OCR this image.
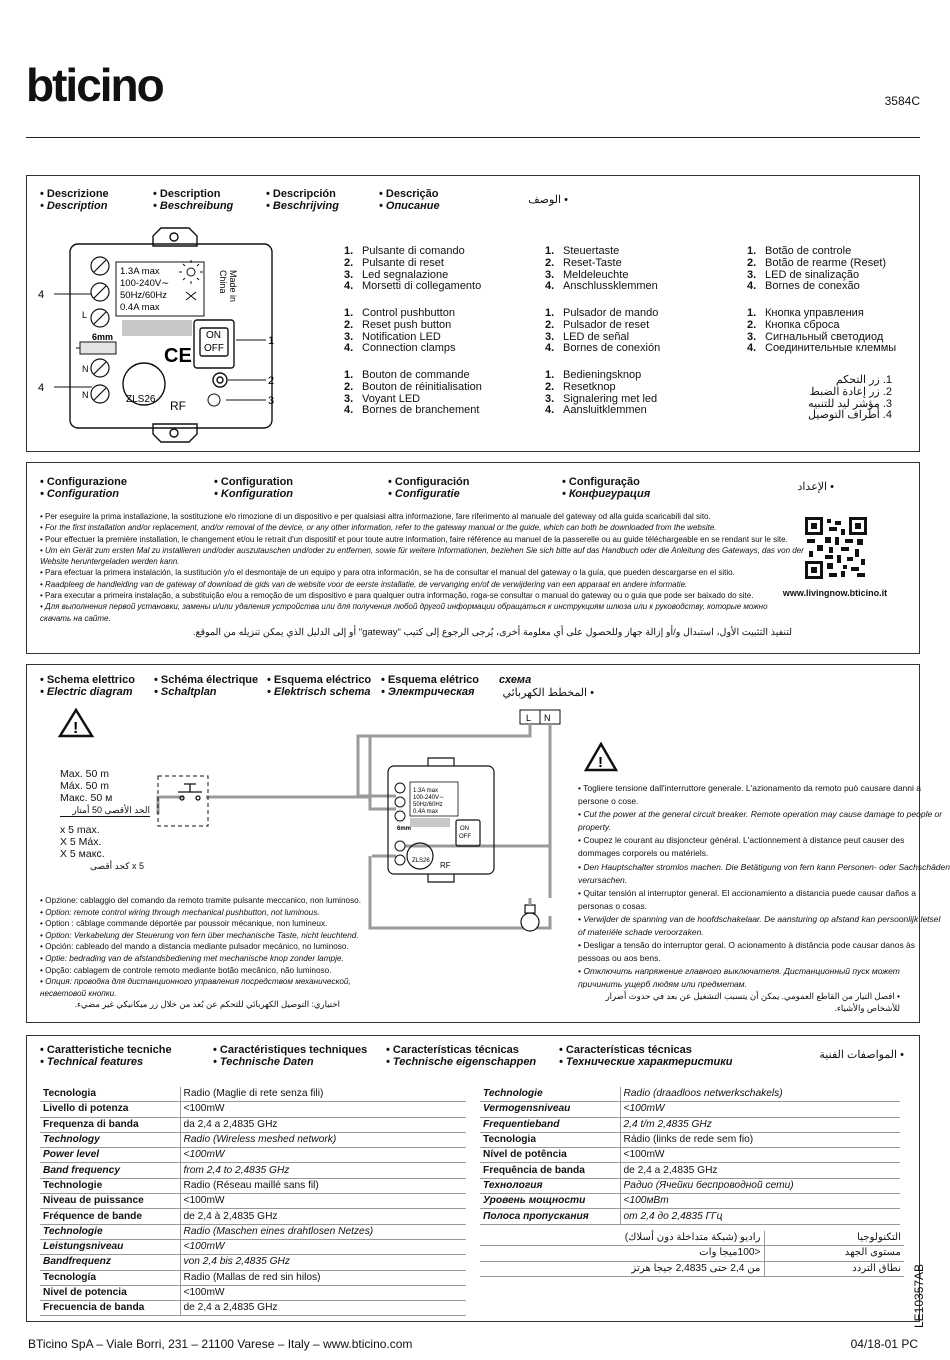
bticino	3584C
• Descrizione
• Description
• Description
• Beschreibung
• Descripción
• Beschrijving
• Descrição
• Описание	• الوصف
1.3A max
100-240V∼
50Hz/60Hz
0.4A max
Made in
China
ON
OFF
6mm
ZLS26 RF
CE
L
N
N
4
4
1
2
3
1. Pulsante di comando
2. Pulsante di reset
3. Led segnalazione
4. Morsetti di collegamento
1. Control pushbutton
2. Reset push button
3. Notification LED
4. Connection clamps
1. Bouton de commande
2. Bouton de réinitialisation
3. Voyant LED
4. Bornes de branchement
1. Steuertaste
2. Reset-Taste
3. Meldeleuchte
4. Anschlussklemmen
1. Pulsador de mando
2. Pulsador de reset
3. LED de señal
4. Bornes de conexión
1. Bedieningsknop
2. Resetknop
3. Signalering met led
4. Aansluitklemmen
1. Botão de controle
2. Botão de rearme (Reset)
3. LED de sinalização
4. Bornes de conexão
1. Кнопка управления
2. Кнопка сброса
3. Сигнальный светодиод
4. Соединительные клеммы
1. زر التحكم
2. زر إعادة الضبط
3. مؤشر ليد للتنبيه
4. أطراف التوصيل
• Configurazione
• Configuration
• Configuration
• Konfiguration
• Configuración
• Configuratie
• Configuração
• Конфигурация
• الإعداد
• Per eseguire la prima installazione, la sostituzione e/o rimozione di un dispositivo e per qualsiasi altra informazione, fare riferimento al manuale del gateway od alla guida scaricabili dal sito.
• For the first installation and/or replacement, and/or removal of the device, or any other information, refer to the gateway manual or the guide, which can both be downloaded from the website.
• Pour effectuer la première installation, le changement et/ou le retrait d'un dispositif et pour toute autre information, faire référence au manuel de la passerelle ou au guide téléchargeable en se rendant sur le site.
• Um ein Gerät zum ersten Mal zu installieren und/oder auszutauschen und/oder zu entfernen, sowie für weitere Informationen, beziehen Sie sich bitte auf das Handbuch oder die Anleitung des Gateways, das von der
Website heruntergeladen werden kann.
• Para efectuar la primera instalación, la sustitución y/o el desmontaje de un equipo y para otra información, se ha de consultar el manual del gateway o la guía, que pueden descargarse en el sitio.
• Raadpleeg de handleiding van de gateway of download de gids van de website voor de eerste installatie, de vervanging en/of de verwijdering van een apparaat en andere informatie.
• Para executar a primeira instalação, a substituição e/ou a remoção de um dispositivo e para qualquer outra informação, roga-se consultar o manual do gateway ou o guia que pode ser baixado do site.
• Для выполнения первой установки, замены и/или удаления устройства или для получения любой другой информации обращаться к инструкциям шлюза или к руководству, которые можно
скачать на сайте.
لتنفيذ التثبيت الأول، استبدال و/أو إزالة جهاز وللحصول على أي معلومة أخرى، يُرجى الرجوع إلى كتيب "gateway" أو إلى الدليل الذي يمكن تنزيله من الموقع.
www.livingnow.bticino.it
• Schema elettrico
• Electric diagram
• Schéma électrique
• Schaltplan
• Esquema eléctrico
• Elektrisch schema
• Esquema elétrico
• Электрическая
схема
• المخطط الكهربائي
L N
1.3A max
100-240V∼
50Hz/60Hz
0.4A max
ON
OFF
ZLS26 RF
6mm
!
Max. 50 m
Máx. 50 m
Макс. 50 м
الحد الأقصى 50 أمتار
x 5 max.
X 5 Máx.
X 5 макс.
x 5 كحد أقصى
• Opzione: cablaggio del comando da remoto tramite pulsante meccanico, non luminoso.
• Option: remote control wiring through mechanical pushbutton, not luminous.
• Option : câblage commande déportée par poussoir mécanique, non lumineux.
• Option: Verkabelung der Steuerung von fern über mechanische Taste, nicht leuchtend.
• Opción: cableado del mando a distancia mediante pulsador mecánico, no luminoso.
• Optie: bedrading van de afstandsbediening met mechanische knop zonder lampje.
• Opção: cablagem de controle remoto mediante botão mecânico, não luminoso.
• Опция: проводка для дистанционного управления посредством механической,
несветовой кнопки.
اختياري: التوصيل الكهربائي للتحكم عن بُعد من خلال زر ميكانيكي غير مضيء.
!
• Togliere tensione dall'interruttore generale. L'azionamento da remoto può causare danni a
persone o cose.
• Cut the power at the general circuit breaker. Remote operation may cause damage to people or
property.
• Coupez le courant au disjoncteur général. L'actionnement à distance peut causer des
dommages corporels ou matériels.
• Den Hauptschalter stromlos machen. Die Betätigung von fern kann Personen- oder Sachschäden
verursachen.
• Quitar tensión al interruptor general. El accionamiento a distancia puede causar daños a
personas o cosas.
• Verwijder de spanning van de hoofdschakelaar. De aansturing op afstand kan persoonlijk letsel
of materiële schade veroorzaken.
• Desligar a tensão do interruptor geral. O acionamento à distância pode causar danos às
pessoas ou aos bens.
• Отключить напряжение главного выключателя. Дистанционный пуск может
причинить ущерб людям или предметам.
• افصل التيار من القاطع العمومي. يمكن أن يتسبب التشغيل عن بعد في حدوث أضرار للأشخاص والأشياء.
• Caratteristiche tecniche
• Technical features
• Caractéristiques techniques
• Technische Daten
• Características técnicas
• Technische eigenschappen
• Características técnicas
• Технические характеристики
• المواصفات الفنية
Tecnologia	Radio (Maglie di rete senza fili)
Livello di potenza	<100mW
Frequenza di banda	da 2,4 a 2,4835 GHz
Technology	Radio (Wireless meshed network)
Power level	<100mW
Band frequency	from 2,4 to 2,4835 GHz
Technologie	Radio (Réseau maillé sans fil)
Niveau de puissance	<100mW
Fréquence de bande	de 2,4 à 2,4835 GHz
Technologie	Radio (Maschen eines drahtlosen Netzes)
Leistungsniveau	<100mW
Bandfrequenz	von 2,4 bis 2,4835 GHz
Tecnología	Radio (Mallas de red sin hilos)
Nivel de potencia	<100mW
Frecuencia de banda	de 2,4 a 2,4835 GHz
Technologie	Radio (draadloos netwerkschakels)
Vermogensniveau	<100mW
Frequentieband	2,4 t/m 2,4835 GHz
Tecnologia	Rádio (links de rede sem fio)
Nível de potência	<100mW
Frequência de banda	de 2,4 a 2,4835 GHz
Технология	Радио (Ячейки беспроводной сети)
Уровень мощности	<100мВт
Полоса пропускания	от 2,4 до 2,4835 ГГц
التكنولوجيا	راديو (شبكة متداخلة دون أسلاك)
مستوى الجهد	<100ميجا وات
نطاق التردد	من 2,4 حتى 2,4835 جيجا هرتز
BTicino SpA – Viale Borri, 231 – 21100 Varese – Italy – www.bticino.com	04/18-01 PC
LE10357AB
